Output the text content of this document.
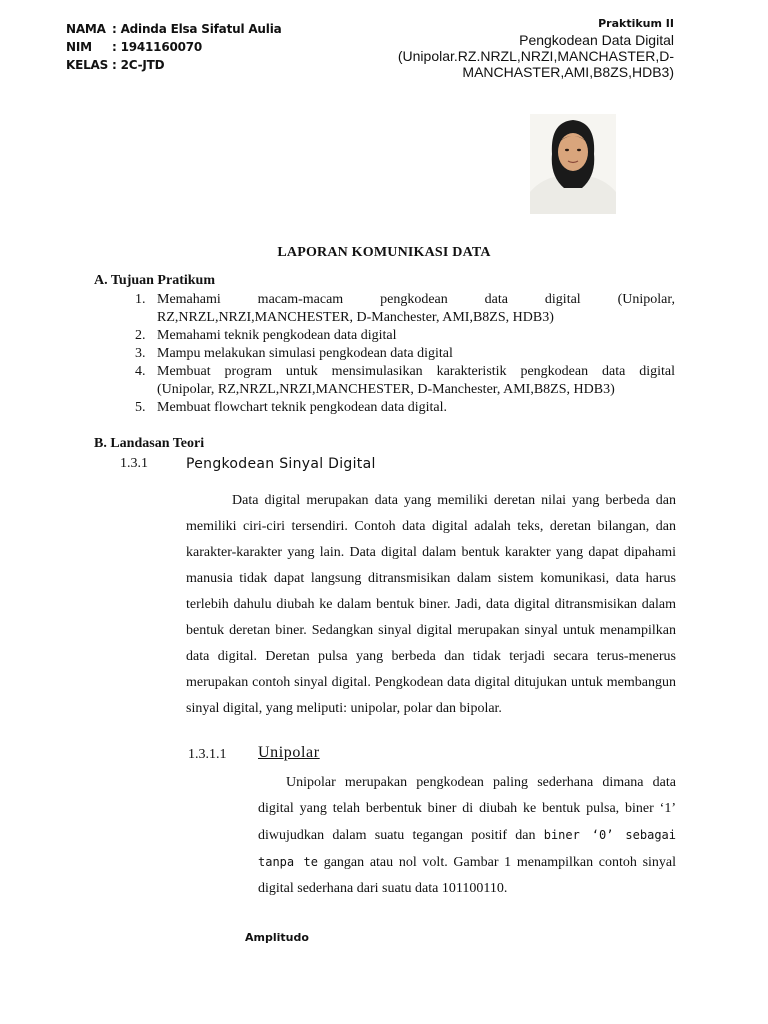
NAMA : Adinda Elsa Sifatul Aulia
NIM : 1941160070
KELAS : 2C-JTD
Praktikum II
Pengkodean Data Digital
(Unipolar.RZ.NRZL,NRZI,MANCHASTER,D-
MANCHASTER,AMI,B8ZS,HDB3)
LAPORAN KOMUNIKASI DATA
A. Tujuan Pratikum
1. Memahami macam-macam pengkodean data digital (Unipolar,
RZ,NRZL,NRZI,MANCHESTER, D-Manchester, AMI,B8ZS, HDB3)
2. Memahami teknik pengkodean data digital
3. Mampu melakukan simulasi pengkodean data digital
4. Membuat program untuk mensimulasikan karakteristik pengkodean data digital
(Unipolar, RZ,NRZL,NRZI,MANCHESTER, D-Manchester, AMI,B8ZS, HDB3)
5. Membuat flowchart teknik pengkodean data digital.
B. Landasan Teori
1.3.1	Pengkodean Sinyal Digital
Data digital merupakan data yang memiliki deretan nilai yang berbeda dan memiliki ciri-ciri tersendiri. Contoh data digital adalah teks, deretan bilangan, dan karakter-karakter yang lain. Data digital dalam bentuk karakter yang dapat dipahami manusia tidak dapat langsung ditransmisikan dalam sistem komunikasi, data harus terlebih dahulu diubah ke dalam bentuk biner. Jadi, data digital ditransmisikan dalam bentuk deretan biner. Sedangkan sinyal digital merupakan sinyal untuk menampilkan data digital. Deretan pulsa yang berbeda dan tidak terjadi secara terus-menerus merupakan contoh sinyal digital. Pengkodean data digital ditujukan untuk membangun sinyal digital, yang meliputi: unipolar, polar dan bipolar.
1.3.1.1 Unipolar
Unipolar merupakan pengkodean paling sederhana dimana data digital yang telah berbentuk biner di diubah ke bentuk pulsa, biner ‘1’ diwujudkan dalam suatu tegangan positif dan biner ‘0’ sebagai tanpa te gangan atau nol volt. Gambar 1 menampilkan contoh sinyal digital sederhana dari suatu data 101100110.
Amplitudo
